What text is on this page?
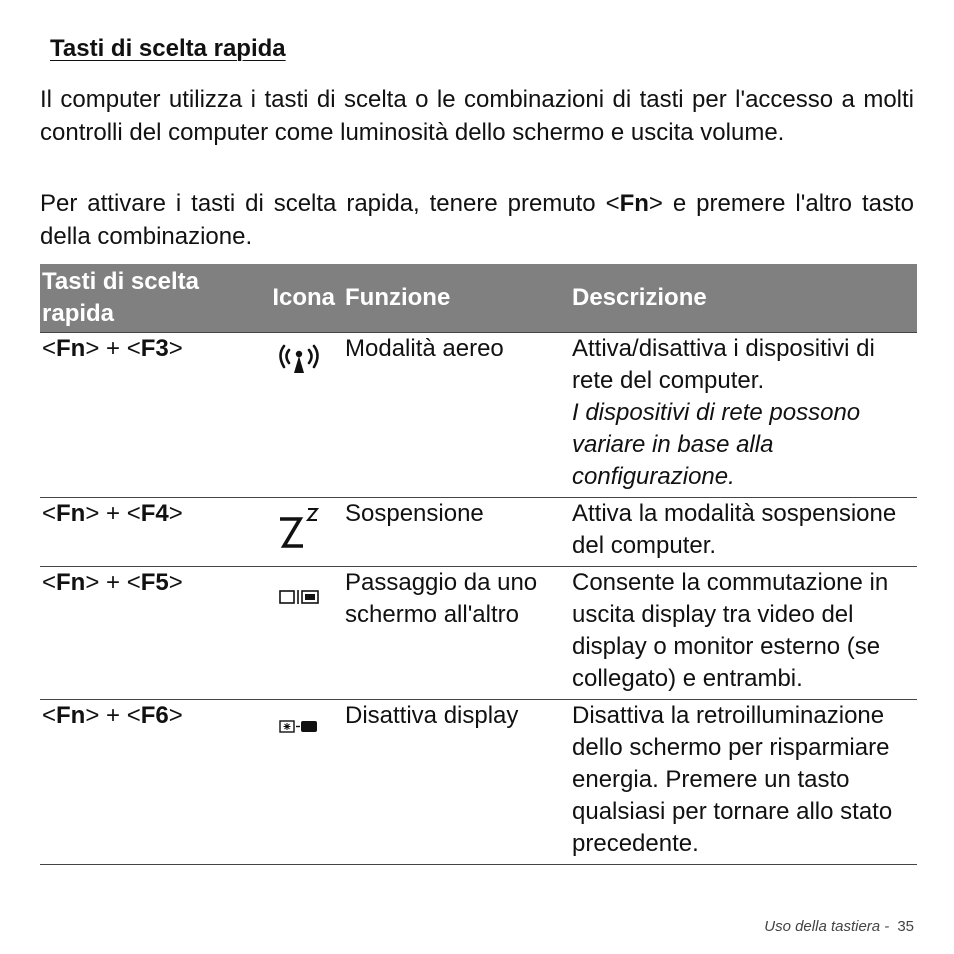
Tasti di scelta rapida

Il computer utilizza i tasti di scelta o le combinazioni di tasti per l'accesso a molti controlli del computer come luminosità dello schermo e uscita volume.

Per attivare i tasti di scelta rapida, tenere premuto <Fn> e premere l'altro tasto della combinazione.

Tasti di scelta rapida	Icona	Funzione	Descrizione
<Fn> + <F3>		Modalità aereo	Attiva/disattiva i dispositivi di rete del computer.
I dispositivi di rete possono variare in base alla configurazione.

<Fn> + <F4>		Sospensione	Attiva la modalità sospensione del computer.

<Fn> + <F5>		Passaggio da uno schermo all'altro	Consente la commutazione in uscita display tra video del display o monitor esterno (se collegato) e entrambi.

<Fn> + <F6>		Disattiva display	Disattiva la retroilluminazione dello schermo per risparmiare energia. Premere un tasto qualsiasi per tornare allo stato precedente.
Uso della tastiera - 35
